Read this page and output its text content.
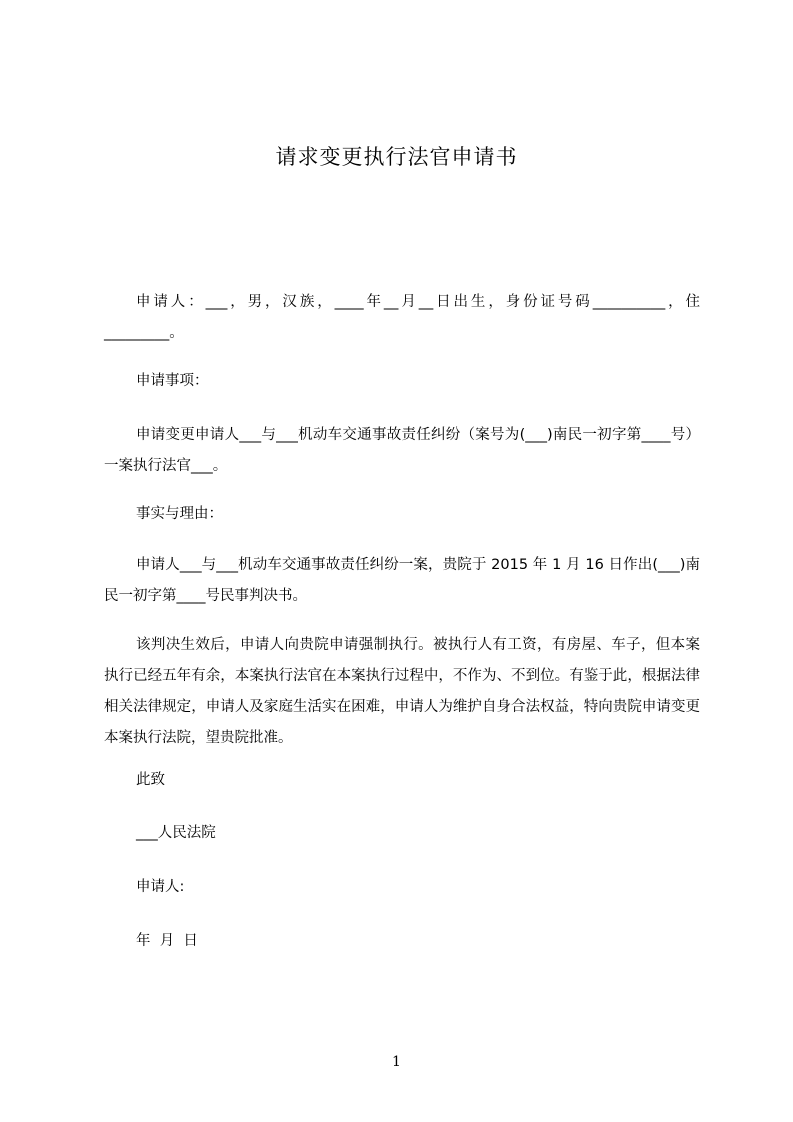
请求变更执行法官申请书

申请人：___，男，汉族，____年__月__日出生，身份证号码__________，住_________。

申请事项：

申请变更申请人___与___机动车交通事故责任纠纷（案号为(___)南民一初字第____号）一案执行法官___。

事实与理由：

申请人___与___机动车交通事故责任纠纷一案，贵院于 2015 年 1 月 16 日作出(___)南民一初字第____号民事判决书。

该判决生效后，申请人向贵院申请强制执行。被执行人有工资，有房屋、车子，但本案执行已经五年有余，本案执行法官在本案执行过程中，不作为、不到位。有鉴于此，根据法律相关法律规定，申请人及家庭生活实在困难，申请人为维护自身合法权益，特向贵院申请变更本案执行法院，望贵院批准。

此致

___人民法院

申请人:

年  月  日

1
